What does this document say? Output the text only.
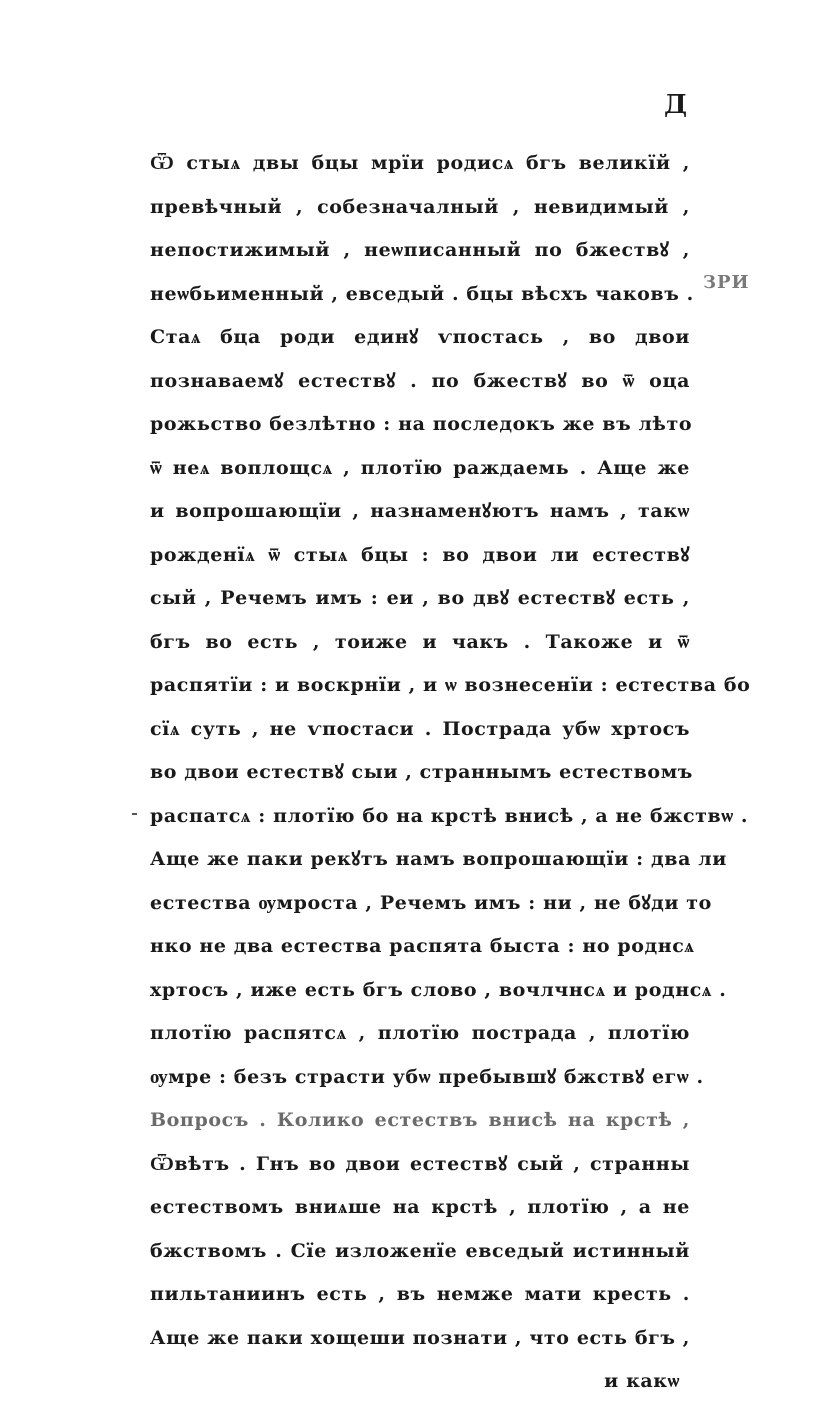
Д
ЗРИ
Ѿ стыѧ двы бцы мрїи родисѧ бгъ великїй ,
превѣчный , собезначалный , невидимый ,
непостижимый , неѡписанный по бжествꙋ ,
неѡбьименный , евседый . бцы вѣсхъ чаковъ .
Стаѧ бца роди единꙋ ѵпостась , во двои
познаваемꙋ естествꙋ . по бжествꙋ во ѿ оца
рожьство безлѣтно : на последокъ же въ лѣто
ѿ неѧ воплощсѧ , плотїю раждаемь . Аще же
и вопрошающїи , назнаменꙋютъ намъ , такѡ
рожденїѧ ѿ стыѧ бцы : во двои ли естествꙋ
сый , Речемъ имъ : еи , во двꙋ естествꙋ есть ,
бгъ во есть , тоиже и чакъ . Такоже и ѿ
распятїи : и воскрнїи , и ѡ вознесенїи : естества бо
сїѧ суть , не ѵпостаси . Пострада убѡ хртосъ
во двои естествꙋ сыи , страннымъ естествомъ
распатсѧ : плотїю бо на крстѣ внисѣ , а не бжствѡ .
Аще же паки рекꙋтъ намъ вопрошающїи : два ли
естества ѹмроста , Речемъ имъ : ни , не бꙋди то
нко не два естества распята быста : но роднсѧ
хртосъ , иже есть бгъ слово , вочлчнсѧ и роднсѧ .
плотїю распятсѧ , плотїю пострада , плотїю
ѹмре : безъ страсти убѡ пребывшꙋ бжствꙋ егѡ .
Вопросъ . Колико естествъ внисѣ на крстѣ ,
Ѿвѣтъ . Гнъ во двои естествꙋ сый , странны
естествомъ вниѧше на крстѣ , плотїю , а не
бжствомъ . Сїе изложенїе евседый истинный
пильтаниинъ есть , въ немже мати кресть .
Аще же паки хощеши познати , что есть бгъ ,
и какѡ
